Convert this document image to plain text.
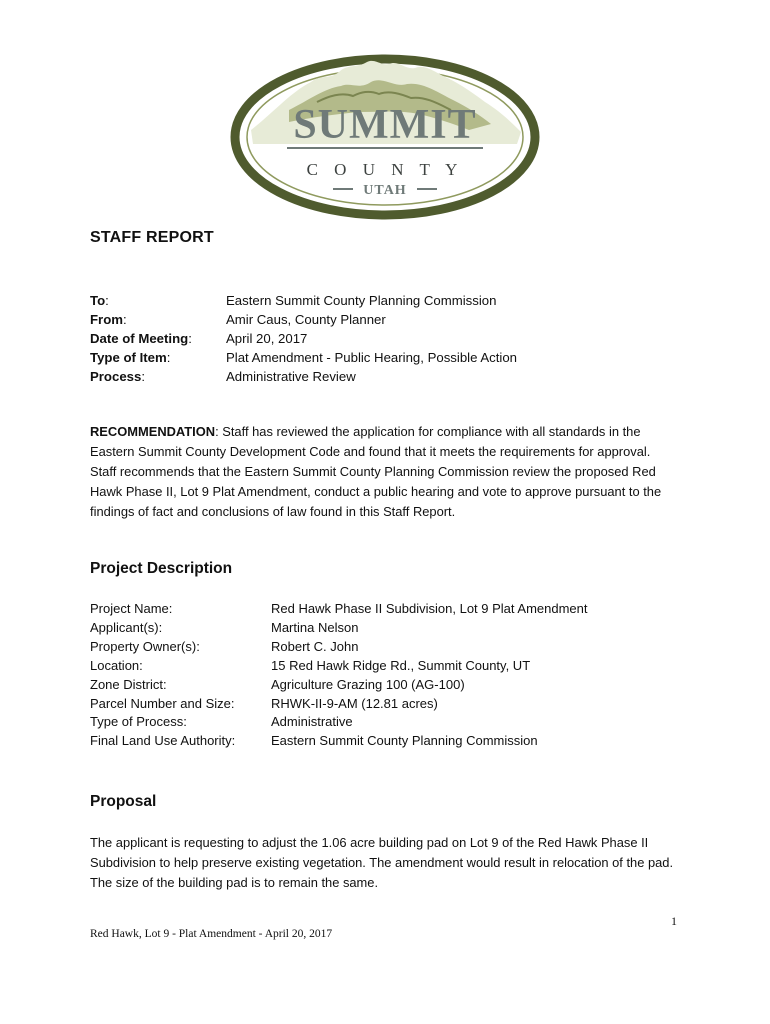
SUMMIT
C O U N T Y
UTAH
STAFF REPORT
To:	Eastern Summit County Planning Commission
From:	Amir Caus, County Planner
Date of Meeting:	April 20, 2017
Type of Item:	Plat Amendment - Public Hearing, Possible Action
Process:	Administrative Review
RECOMMENDATION: Staff has reviewed the application for compliance with all standards in the Eastern Summit County Development Code and found that it meets the requirements for approval. Staff recommends that the Eastern Summit County Planning Commission review the proposed Red Hawk Phase II, Lot 9 Plat Amendment, conduct a public hearing and vote to approve pursuant to the findings of fact and conclusions of law found in this Staff Report.
Project Description
Project Name:	Red Hawk Phase II Subdivision, Lot 9 Plat Amendment
Applicant(s):	Martina Nelson
Property Owner(s):	Robert C. John
Location:	15 Red Hawk Ridge Rd., Summit County, UT
Zone District:	Agriculture Grazing 100 (AG-100)
Parcel Number and Size:	RHWK-II-9-AM (12.81 acres)
Type of Process:	Administrative
Final Land Use Authority:	Eastern Summit County Planning Commission
Proposal
The applicant is requesting to adjust the 1.06 acre building pad on Lot 9 of the Red Hawk Phase II Subdivision to help preserve existing vegetation. The amendment would result in relocation of the pad. The size of the building pad is to remain the same.
1
Red Hawk, Lot 9 - Plat Amendment - April 20, 2017
